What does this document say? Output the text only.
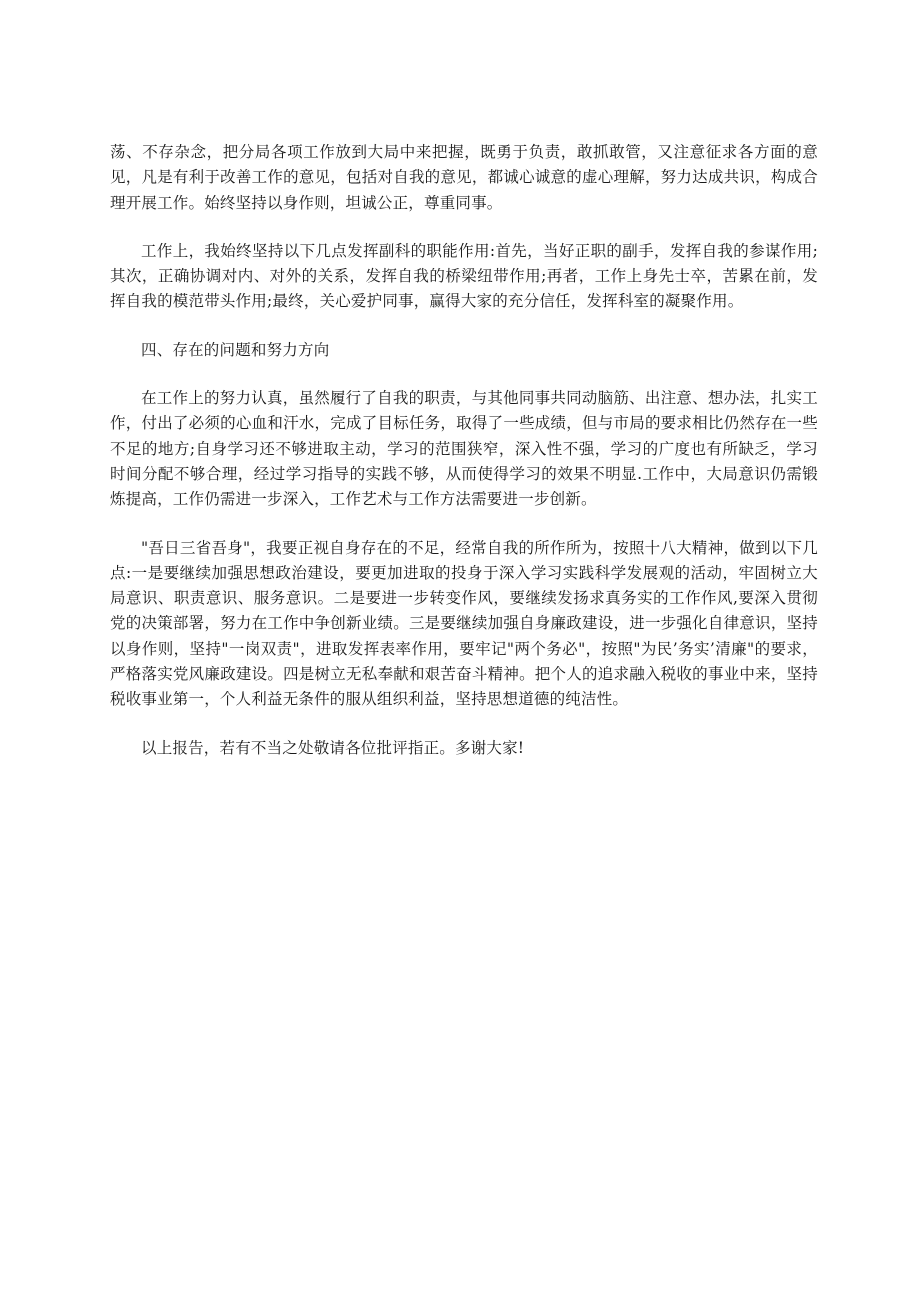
荡、不存杂念，把分局各项工作放到大局中来把握，既勇于负责，敢抓敢管，又注意征求各方面的意见，凡是有利于改善工作的意见，包括对自我的意见，都诚心诚意的虚心理解，努力达成共识，构成合理开展工作。始终坚持以身作则，坦诚公正，尊重同事。

工作上，我始终坚持以下几点发挥副科的职能作用:首先，当好正职的副手，发挥自我的参谋作用;其次，正确协调对内、对外的关系，发挥自我的桥梁纽带作用;再者，工作上身先士卒，苦累在前，发挥自我的模范带头作用;最终，关心爱护同事，赢得大家的充分信任，发挥科室的凝聚作用。

四、存在的问题和努力方向

在工作上的努力认真，虽然履行了自我的职责，与其他同事共同动脑筋、出注意、想办法，扎实工作，付出了必须的心血和汗水，完成了目标任务，取得了一些成绩，但与市局的要求相比仍然存在一些不足的地方;自身学习还不够进取主动，学习的范围狭窄，深入性不强，学习的广度也有所缺乏，学习时间分配不够合理，经过学习指导的实践不够，从而使得学习的效果不明显.工作中，大局意识仍需锻炼提高，工作仍需进一步深入，工作艺术与工作方法需要进一步创新。

"吾日三省吾身"，我要正视自身存在的不足，经常自我的所作所为，按照十八大精神，做到以下几点:一是要继续加强思想政治建设，要更加进取的投身于深入学习实践科学发展观的活动，牢固树立大局意识、职责意识、服务意识。二是要进一步转变作风，要继续发扬求真务实的工作作风,要深入贯彻党的决策部署，努力在工作中争创新业绩。三是要继续加强自身廉政建设，进一步强化自律意识，坚持以身作则，坚持"一岗双责"，进取发挥表率作用，要牢记"两个务必"，按照"为民’务实’清廉"的要求，严格落实党风廉政建设。四是树立无私奉献和艰苦奋斗精神。把个人的追求融入税收的事业中来，坚持税收事业第一，个人利益无条件的服从组织利益，坚持思想道德的纯洁性。

以上报告，若有不当之处敬请各位批评指正。多谢大家!
